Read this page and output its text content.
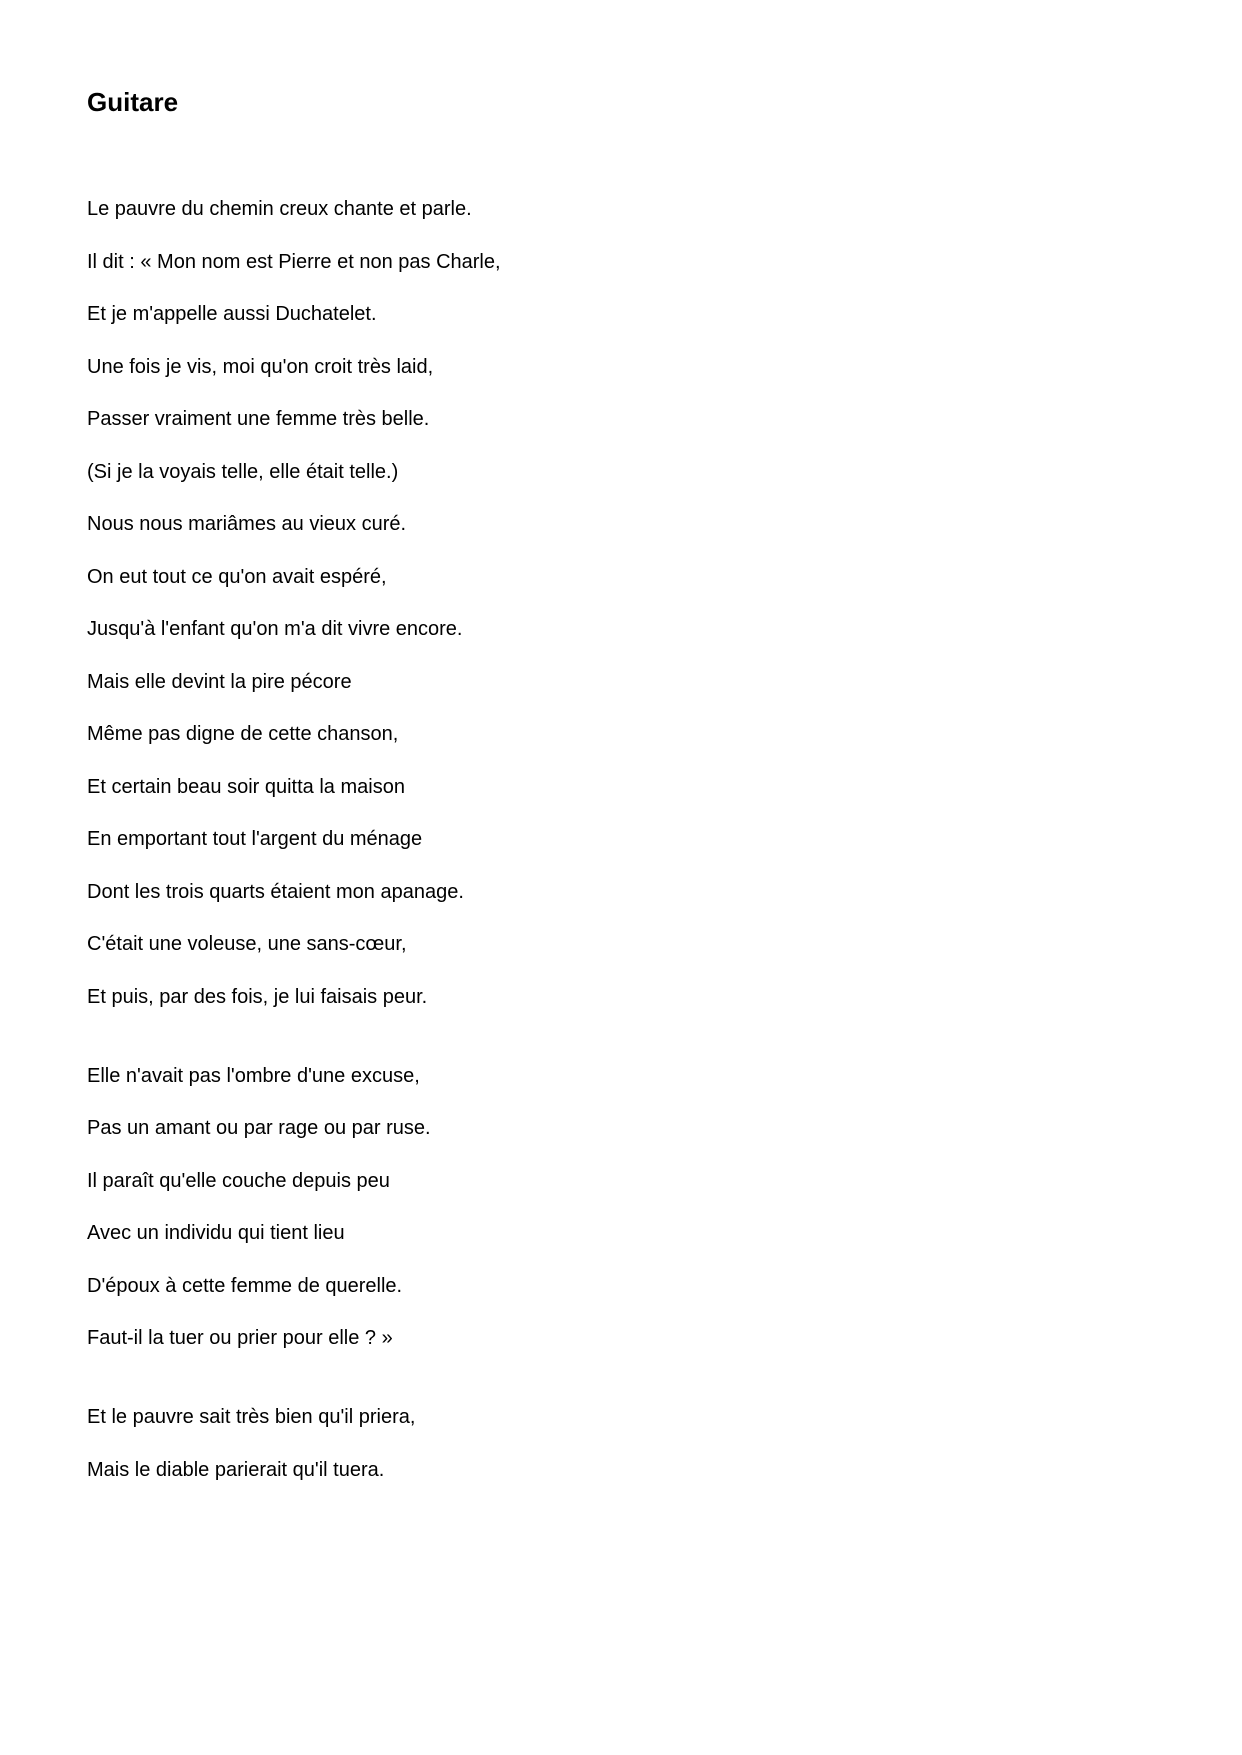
Guitare
Le pauvre du chemin creux chante et parle.
Il dit : « Mon nom est Pierre et non pas Charle,
Et je m'appelle aussi Duchatelet.
Une fois je vis, moi qu'on croit très laid,
Passer vraiment une femme très belle.
(Si je la voyais telle, elle était telle.)
Nous nous mariâmes au vieux curé.
On eut tout ce qu'on avait espéré,
Jusqu'à l'enfant qu'on m'a dit vivre encore.
Mais elle devint la pire pécore
Même pas digne de cette chanson,
Et certain beau soir quitta la maison
En emportant tout l'argent du ménage
Dont les trois quarts étaient mon apanage.
C'était une voleuse, une sans-cœur,
Et puis, par des fois, je lui faisais peur.
Elle n'avait pas l'ombre d'une excuse,
Pas un amant ou par rage ou par ruse.
Il paraît qu'elle couche depuis peu
Avec un individu qui tient lieu
D'époux à cette femme de querelle.
Faut-il la tuer ou prier pour elle ? »
Et le pauvre sait très bien qu'il priera,
Mais le diable parierait qu'il tuera.
